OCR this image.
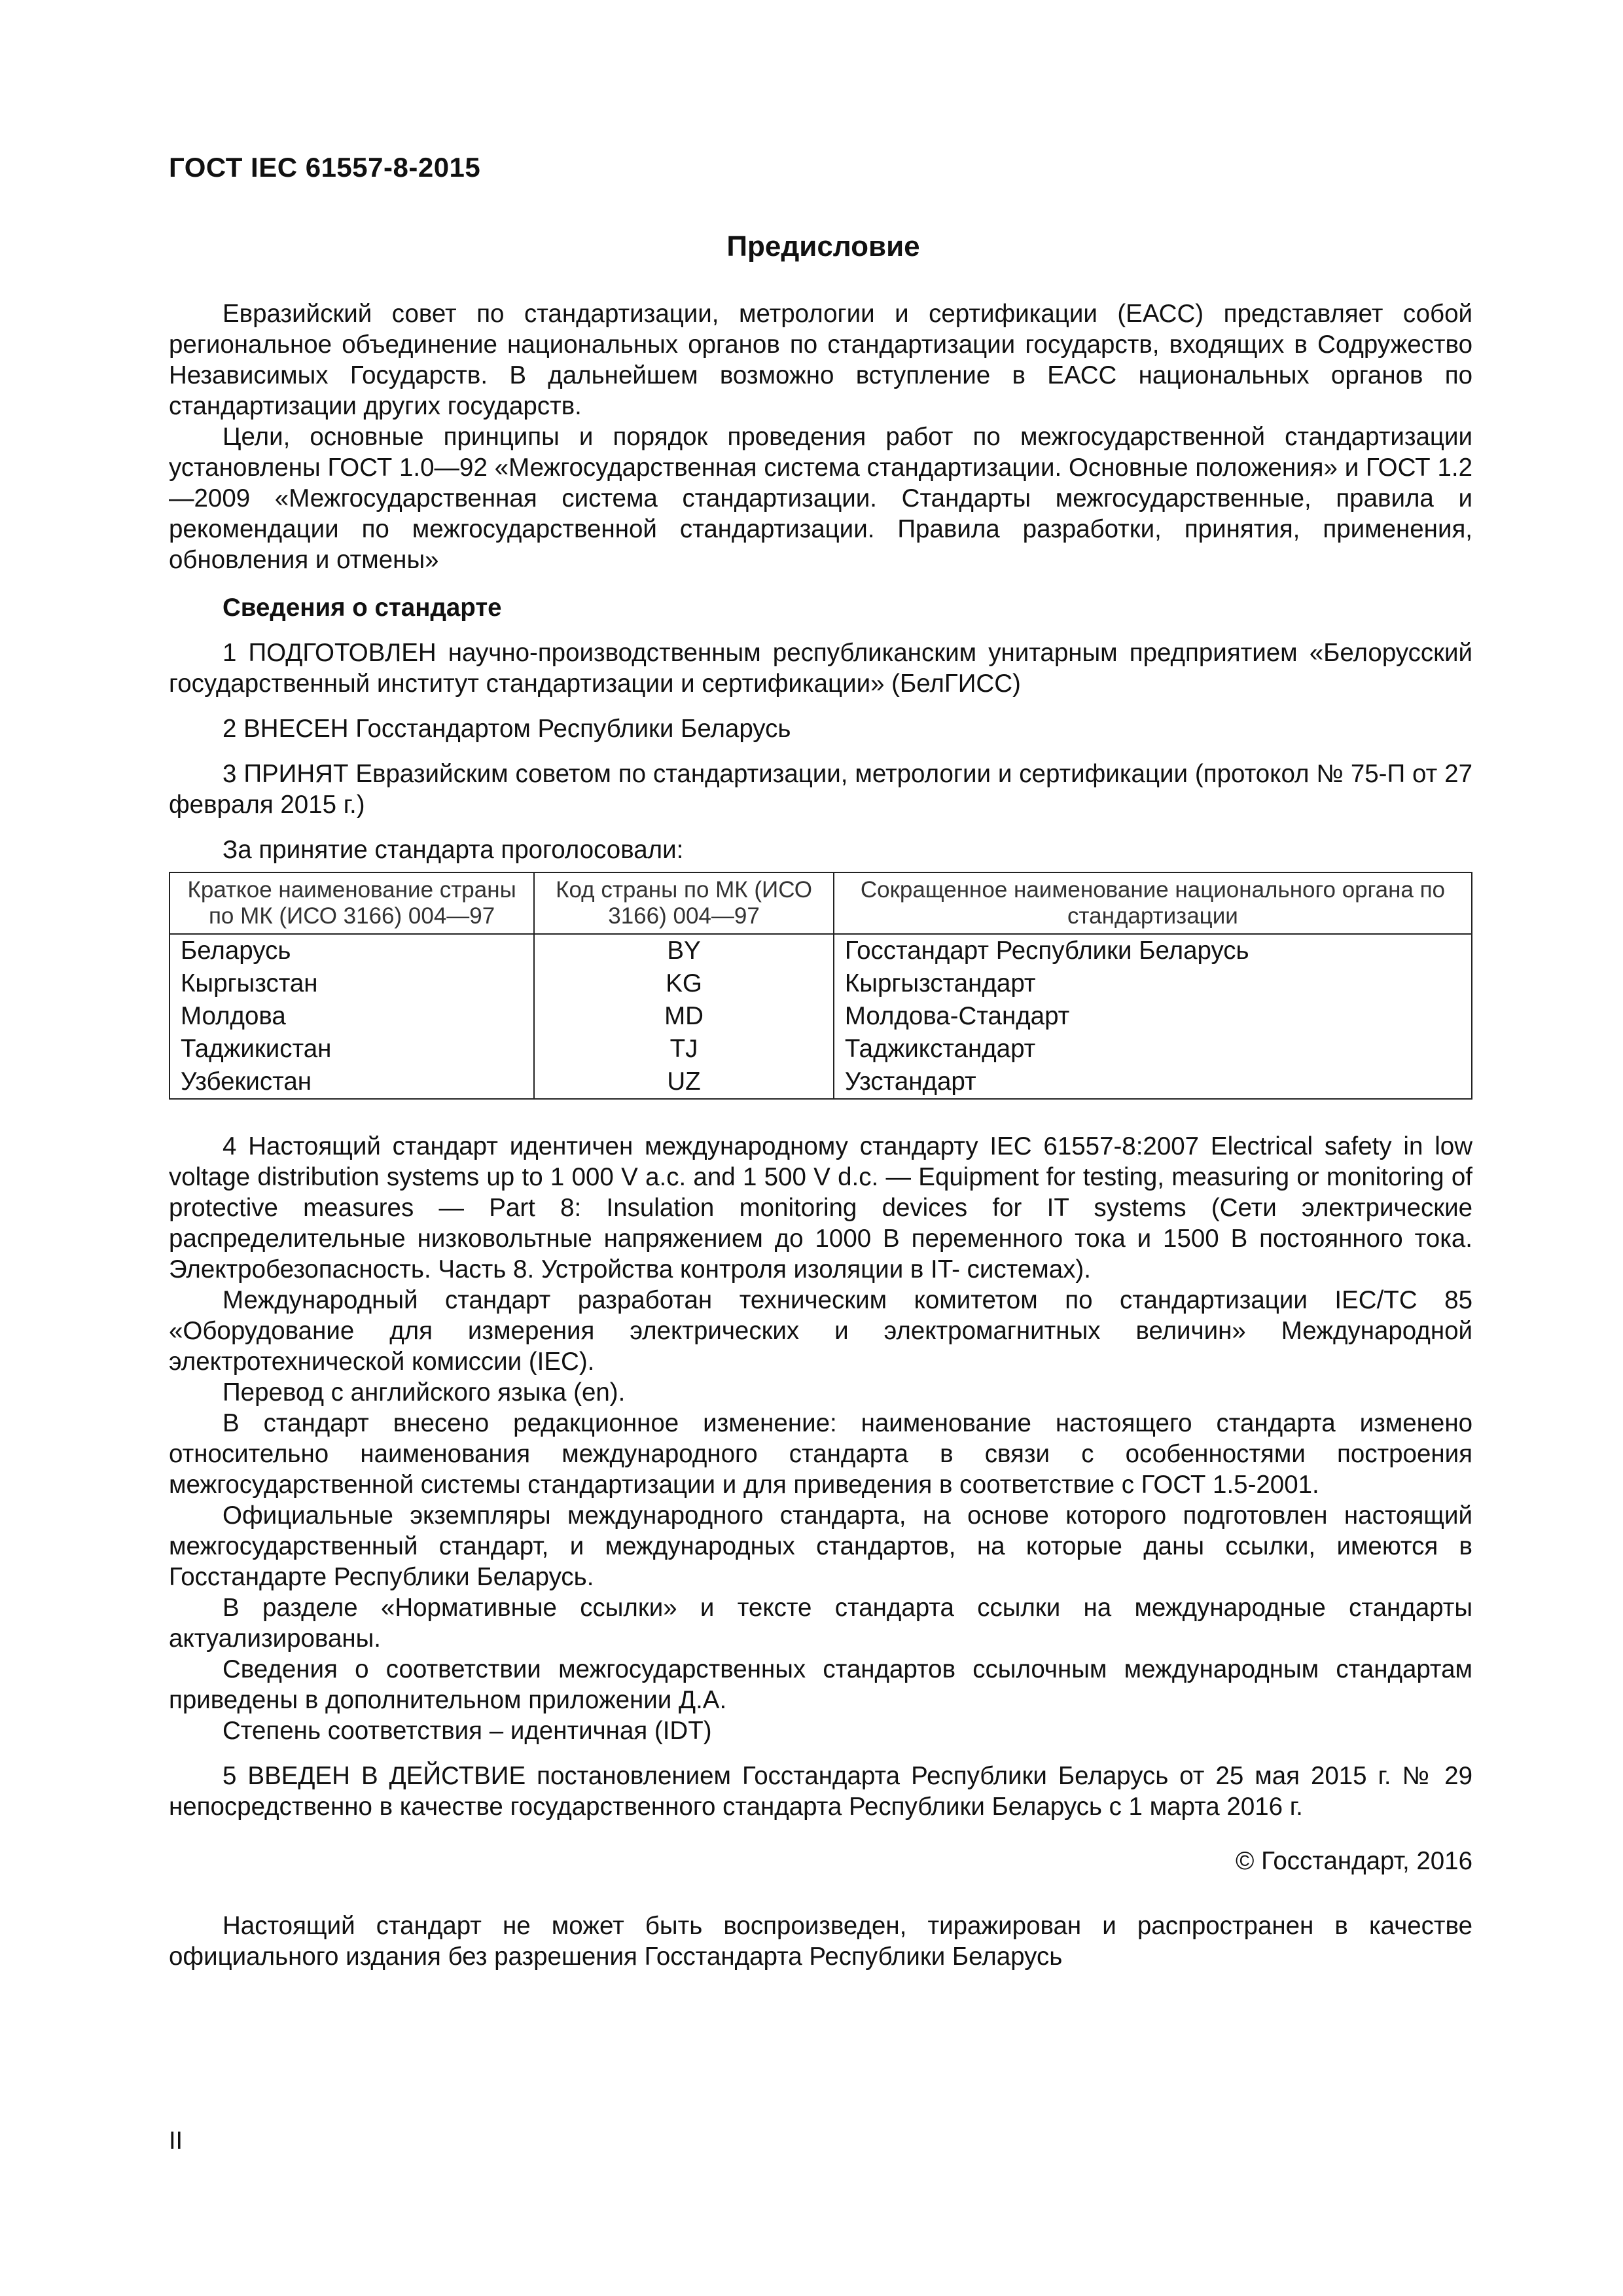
ГОСТ IEC 61557-8-2015
Предисловие

Евразийский совет по стандартизации, метрологии и сертификации (ЕАСС) представляет собой региональное объединение национальных органов по стандартизации государств, входящих в Содружество Независимых Государств. В дальнейшем возможно вступление в ЕАСС национальных органов по стандартизации других государств.

Цели, основные принципы и порядок проведения работ по межгосударственной стандартизации установлены ГОСТ 1.0—92 «Межгосударственная система стандартизации. Основные положения» и ГОСТ 1.2—2009 «Межгосударственная система стандартизации. Стандарты межгосударственные, правила и рекомендации по межгосударственной стандартизации. Правила разработки, принятия, применения, обновления и отмены»

Сведения о стандарте

1 ПОДГОТОВЛЕН научно-производственным республиканским унитарным предприятием «Белорусский государственный институт стандартизации и сертификации» (БелГИСС)

2 ВНЕСЕН Госстандартом Республики Беларусь

3 ПРИНЯТ Евразийским советом по стандартизации, метрологии и сертификации (протокол № 75-П от 27 февраля 2015 г.)

За принятие стандарта проголосовали:

Краткое наименование страны по МК (ИСО 3166) 004—97	Код страны по МК (ИСО 3166) 004—97	Сокращенное наименование национального органа по стандартизации
Беларусь	BY	Госстандарт Республики Беларусь
Кыргызстан	KG	Кыргызстандарт
Молдова	MD	Молдова-Стандарт
Таджикистан	TJ	Таджикстандарт
Узбекистан	UZ	Узстандарт

4 Настоящий стандарт идентичен международному стандарту IEC 61557-8:2007 Electrical safety in low voltage distribution systems up to 1 000 V a.c. and 1 500 V d.c. — Equipment for testing, measuring or monitoring of protective measures — Part 8: Insulation monitoring devices for IT systems (Сети электрические распределительные низковольтные напряжением до 1000 В переменного тока и 1500 В постоянного тока. Электробезопасность. Часть 8. Устройства контроля изоляции в IT- системах).

Международный стандарт разработан техническим комитетом по стандартизации IEC/TC 85 «Оборудование для измерения электрических и электромагнитных величин» Международной электротехнической комиссии (IEC).

Перевод с английского языка (en).

В стандарт внесено редакционное изменение: наименование настоящего стандарта изменено относительно наименования международного стандарта в связи с особенностями построения межгосударственной системы стандартизации и для приведения в соответствие с ГОСТ 1.5-2001.

Официальные экземпляры международного стандарта, на основе которого подготовлен настоящий межгосударственный стандарт, и международных стандартов, на которые даны ссылки, имеются в Госстандарте Республики Беларусь.

В разделе «Нормативные ссылки» и тексте стандарта ссылки на международные стандарты актуализированы.

Сведения о соответствии межгосударственных стандартов ссылочным международным стандартам приведены в дополнительном приложении Д.А.

Степень соответствия – идентичная (IDT)

5 ВВЕДЕН В ДЕЙСТВИЕ постановлением Госстандарта Республики Беларусь от 25 мая 2015 г. № 29 непосредственно в качестве государственного стандарта Республики Беларусь с 1 марта 2016 г.

© Госстандарт, 2016

Настоящий стандарт не может быть воспроизведен, тиражирован и распространен в качестве официального издания без разрешения Госстандарта Республики Беларусь

II
